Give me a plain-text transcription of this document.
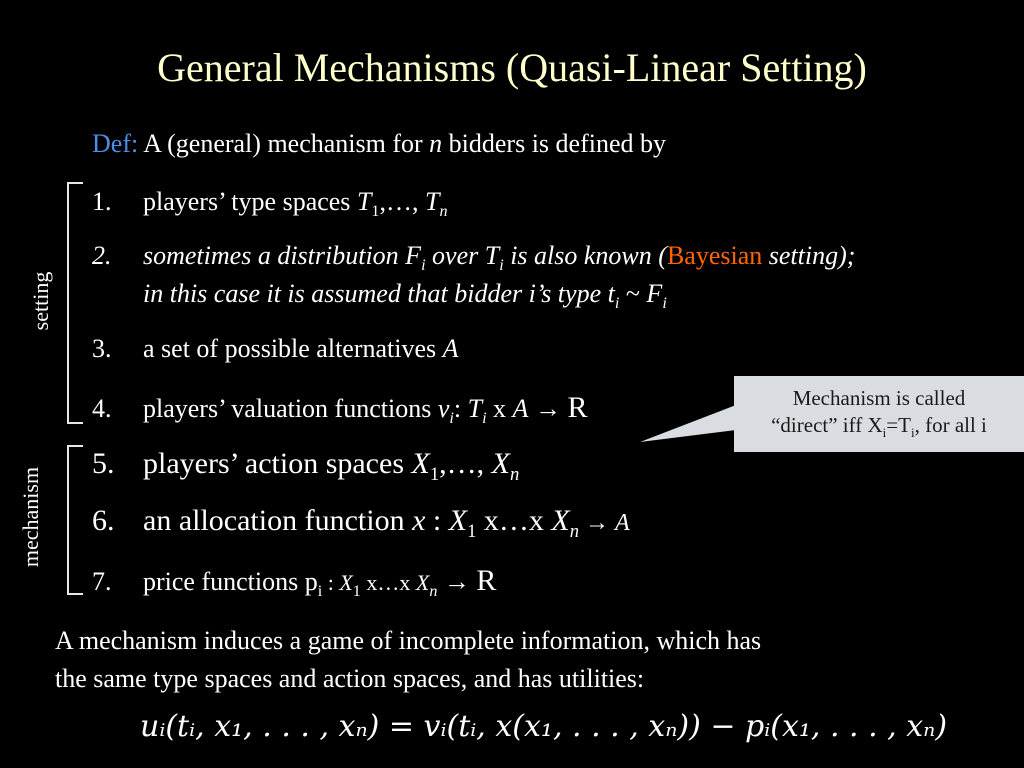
General Mechanisms (Quasi-Linear Setting)
Def: A (general) mechanism for n bidders is defined by
1. players’ type spaces $T_1,\dots$, $T_n$
2. sometimes a distribution $F_i$ over $T_i$ is also known (Bayesian setting);
in this case it is assumed that bidder i’s type $t_i$ ~ $F_i$
3. a set of possible alternatives A
4. players’ valuation functions $v_i$: $T_i$ x A → R
5. players’ action spaces $X_1,\dots$, $X_n$
6. an allocation function x : $X_1$ x…x $X_n \to A$
7. price functions $p_i$ : $X_1$ x…x $X_n \to R$
setting
mechanism
Mechanism is called
“direct” iff $X_i=T_i$, for all i
A mechanism induces a game of incomplete information, which has
the same type spaces and action spaces, and has utilities:
uᵢ(tᵢ, x₁, . . . , xₙ) = vᵢ(tᵢ, x(x₁, . . . , xₙ)) − pᵢ(x₁, . . . , xₙ)
